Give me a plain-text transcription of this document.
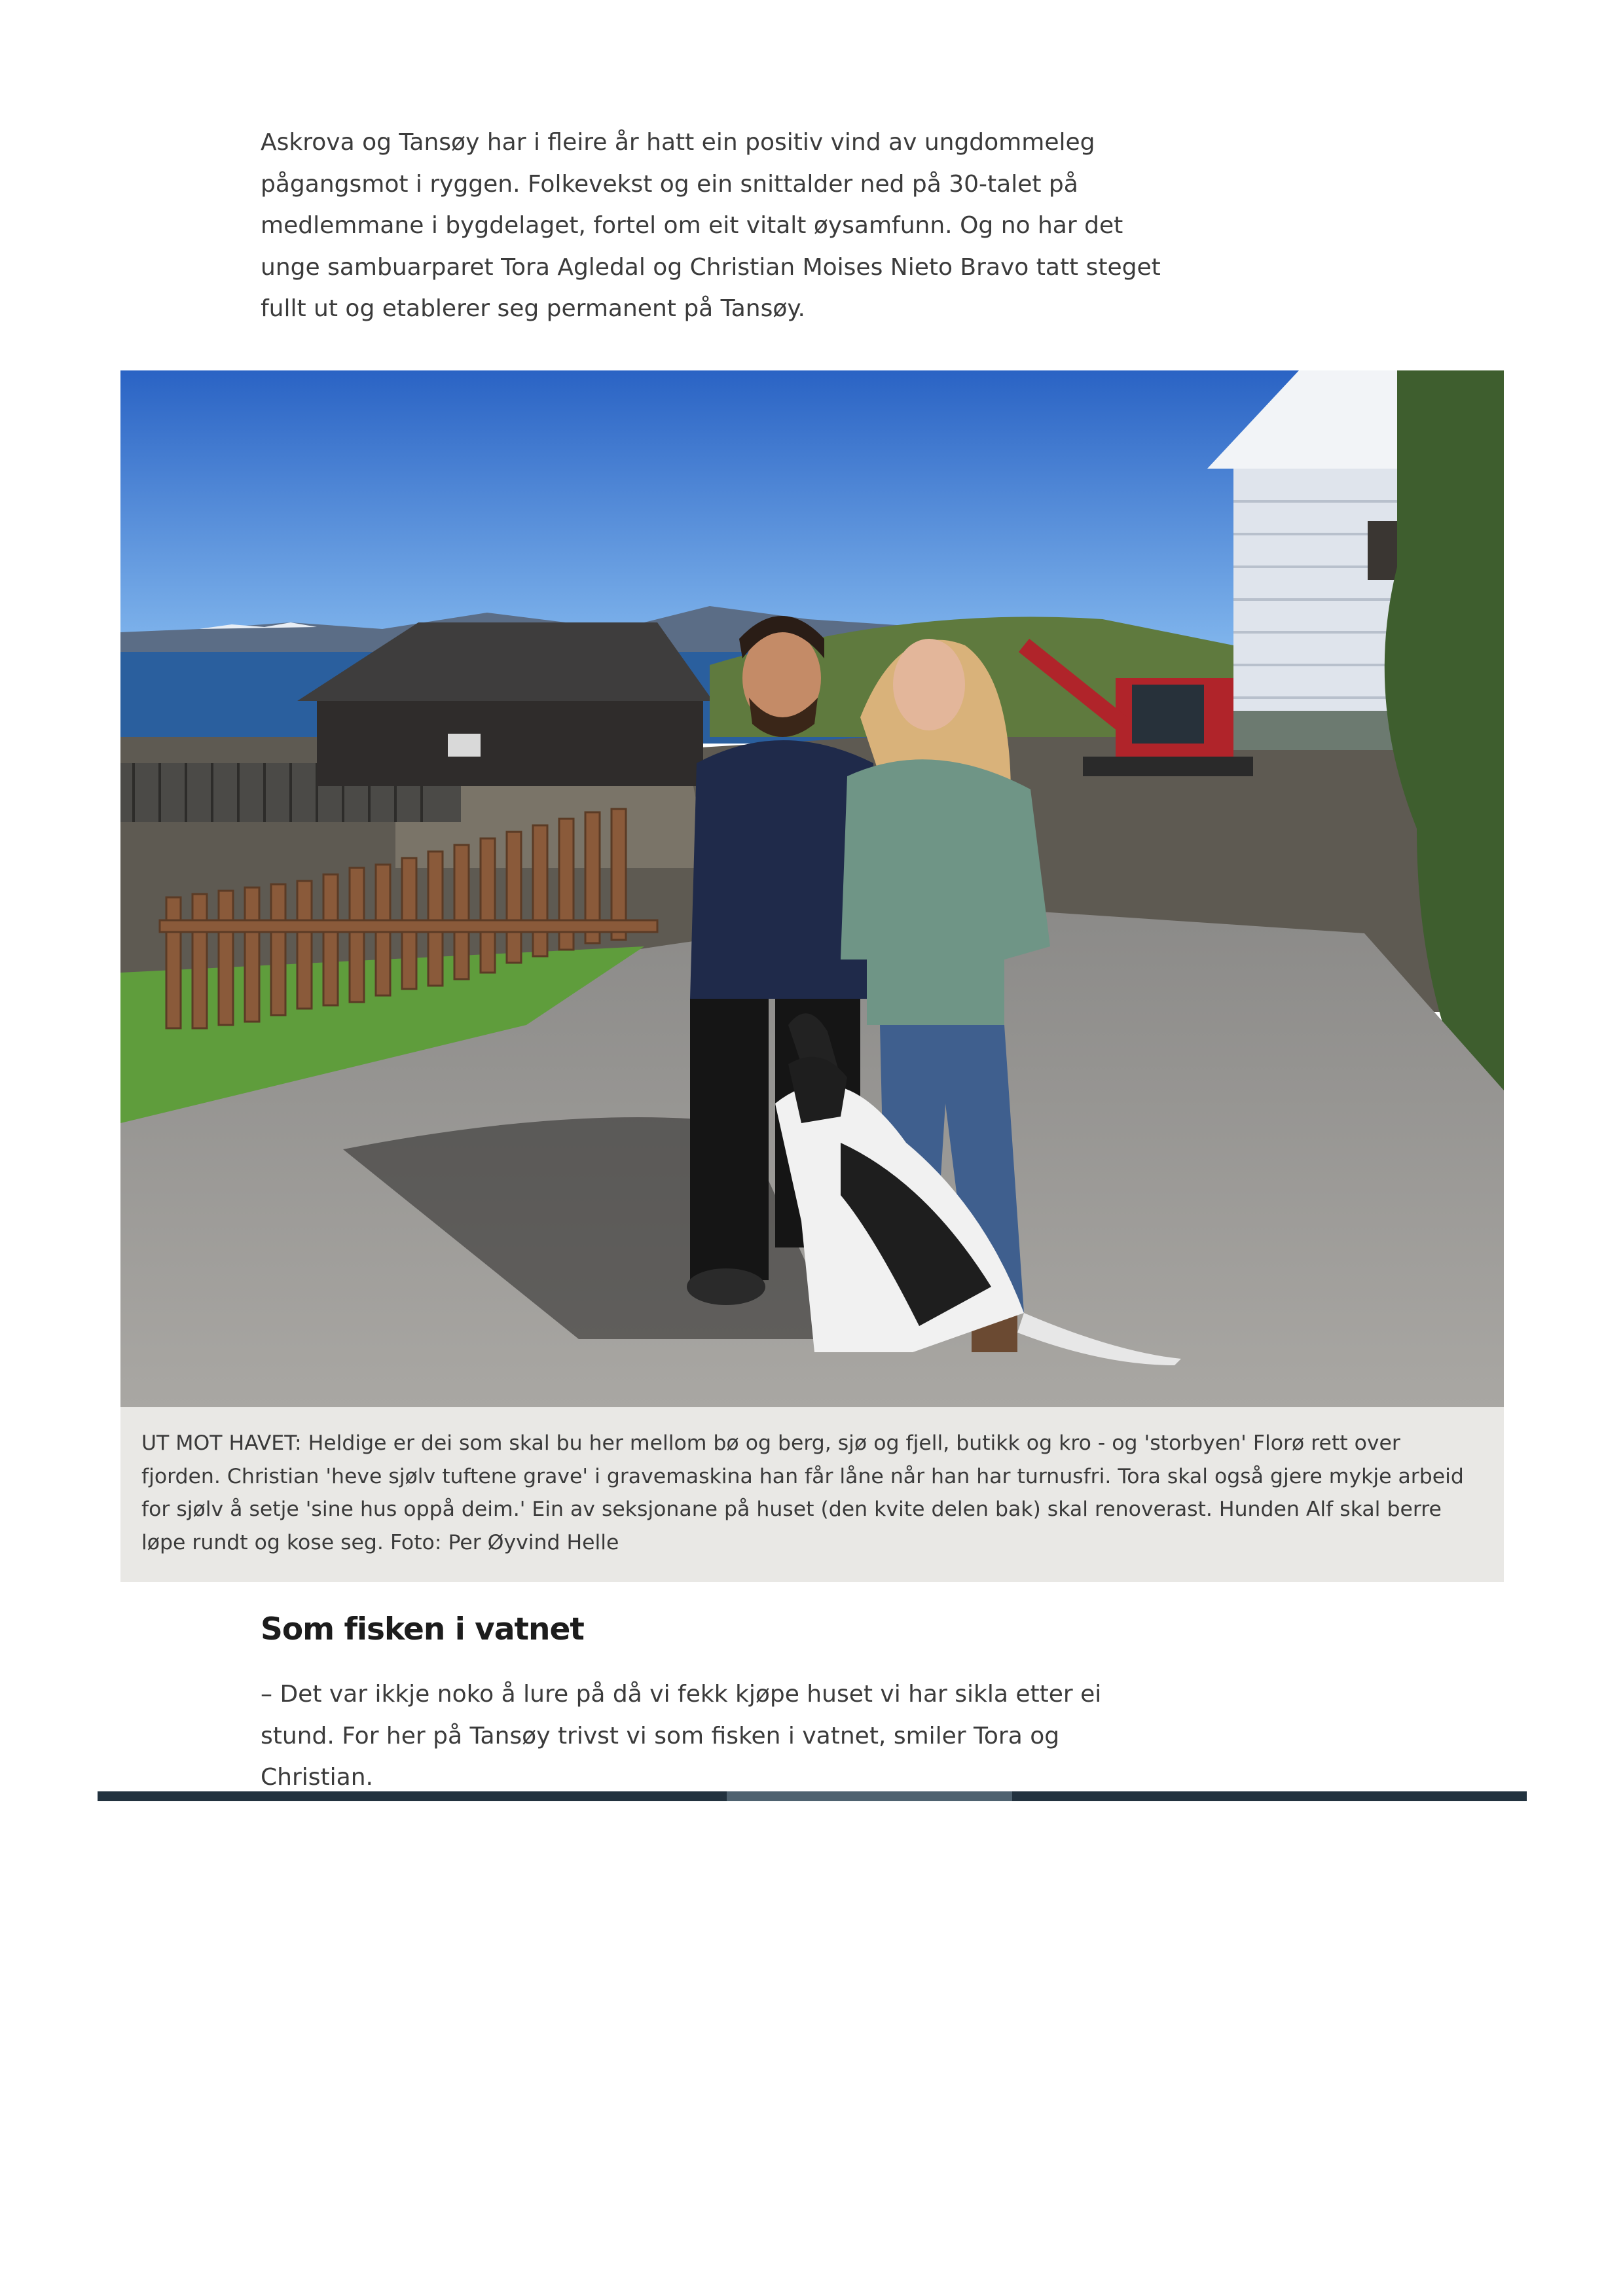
Askrova og Tansøy har i fleire år hatt ein positiv vind av ungdommeleg pågangsmot i ryggen. Folkevekst og ein snittalder ned på 30-talet på medlemmane i bygdelaget, fortel om eit vitalt øysamfunn. Og no har det unge sambuarparet Tora Agledal og Christian Moises Nieto Bravo tatt steget fullt ut og etablerer seg permanent på Tansøy.

UT MOT HAVET: Heldige er dei som skal bu her mellom bø og berg, sjø og fjell, butikk og kro - og 'storbyen' Florø rett over fjorden. Christian 'heve sjølv tuftene grave' i gravemaskina han får låne når han har turnusfri. Tora skal også gjere mykje arbeid for sjølv å setje 'sine hus oppå deim.' Ein av seksjonane på huset (den kvite delen bak) skal renoverast. Hunden Alf skal berre løpe rundt og kose seg. Foto: Per Øyvind Helle

Som fisken i vatnet

– Det var ikkje noko å lure på då vi fekk kjøpe huset vi har sikla etter ei stund. For her på Tansøy trivst vi som fisken i vatnet, smiler Tora og Christian.
